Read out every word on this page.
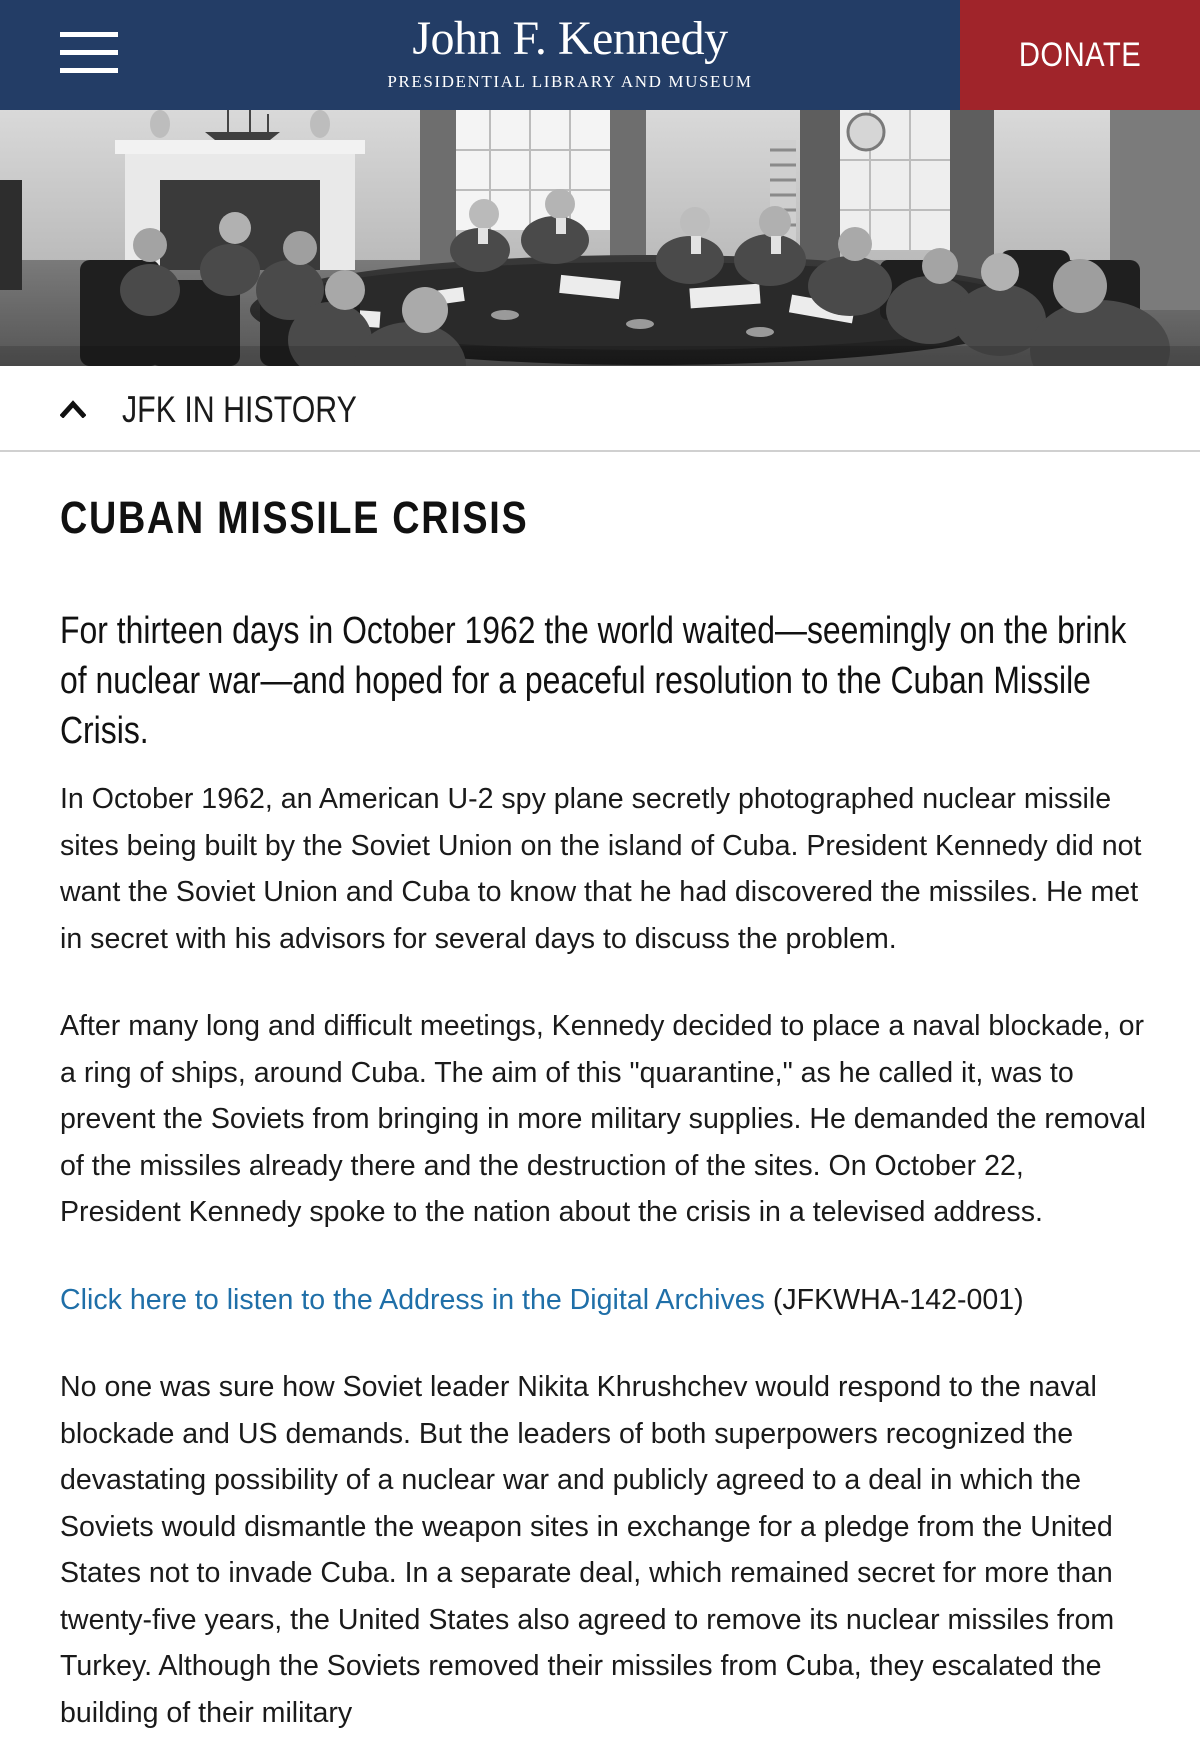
John F. Kennedy
PRESIDENTIAL LIBRARY AND MUSEUM
DONATE
JFK IN HISTORY
CUBAN MISSILE CRISIS

For thirteen days in October 1962 the world waited—seemingly on the brink of nuclear war—and hoped for a peaceful resolution to the Cuban Missile Crisis.

In October 1962, an American U-2 spy plane secretly photographed nuclear missile sites being built by the Soviet Union on the island of Cuba. President Kennedy did not want the Soviet Union and Cuba to know that he had discovered the missiles. He met in secret with his advisors for several days to discuss the problem.

After many long and difficult meetings, Kennedy decided to place a naval blockade, or a ring of ships, around Cuba. The aim of this "quarantine," as he called it, was to prevent the Soviets from bringing in more military supplies. He demanded the removal of the missiles already there and the destruction of the sites. On October 22, President Kennedy spoke to the nation about the crisis in a televised address.

Click here to listen to the Address in the Digital Archives (JFKWHA-142-001)

No one was sure how Soviet leader Nikita Khrushchev would respond to the naval blockade and US demands. But the leaders of both superpowers recognized the devastating possibility of a nuclear war and publicly agreed to a deal in which the Soviets would dismantle the weapon sites in exchange for a pledge from the United States not to invade Cuba. In a separate deal, which remained secret for more than twenty-five years, the United States also agreed to remove its nuclear missiles from Turkey. Although the Soviets removed their missiles from Cuba, they escalated the building of their military
